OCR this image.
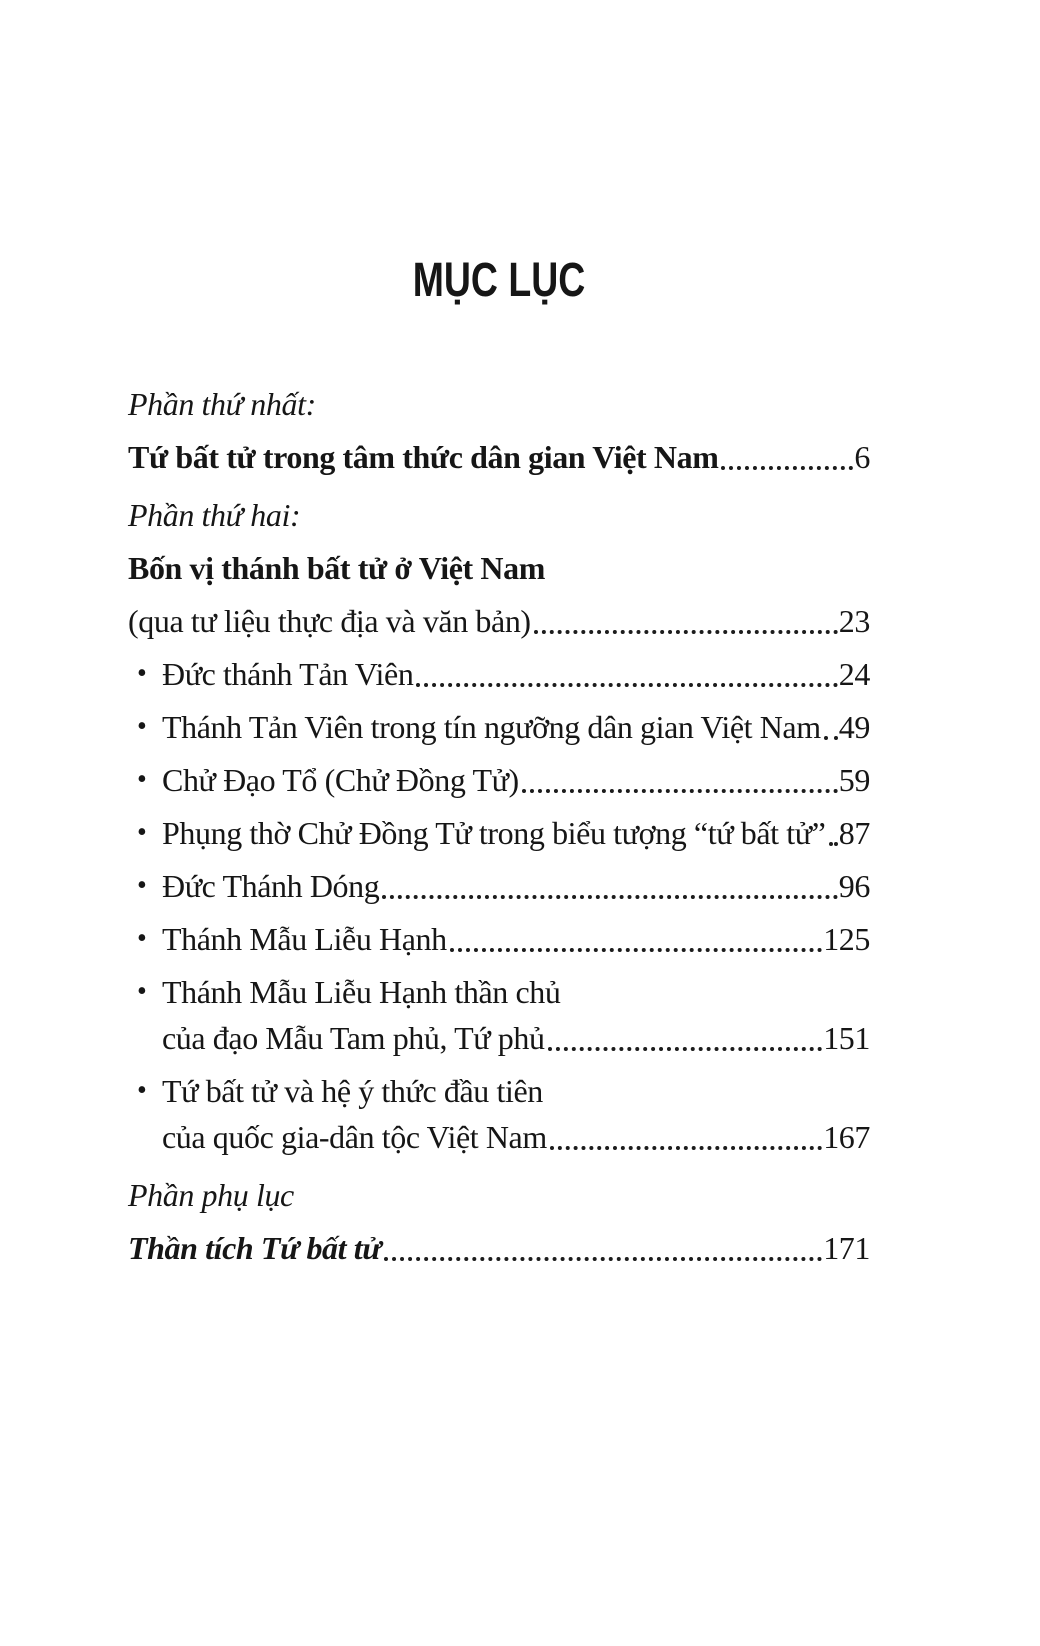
MỤC LỤC
Phần thứ nhất:
Tứ bất tử trong tâm thức dân gian Việt Nam	6
Phần thứ hai:
Bốn vị thánh bất tử ở Việt Nam
(qua tư liệu thực địa và văn bản)	23
• Đức thánh Tản Viên	24
• Thánh Tản Viên trong tín ngưỡng dân gian Việt Nam 49
• Chử Đạo Tổ (Chử Đồng Tử)	59
• Phụng thờ Chử Đồng Tử trong biểu tượng “tứ bất tử” 87
• Đức Thánh Dóng	96
• Thánh Mẫu Liễu Hạnh	125
• Thánh Mẫu Liễu Hạnh thần chủ
của đạo Mẫu Tam phủ, Tứ phủ	151
• Tứ bất tử và hệ ý thức đầu tiên
của quốc gia-dân tộc Việt Nam	167
Phần phụ lục
Thần tích Tứ bất tử	171
